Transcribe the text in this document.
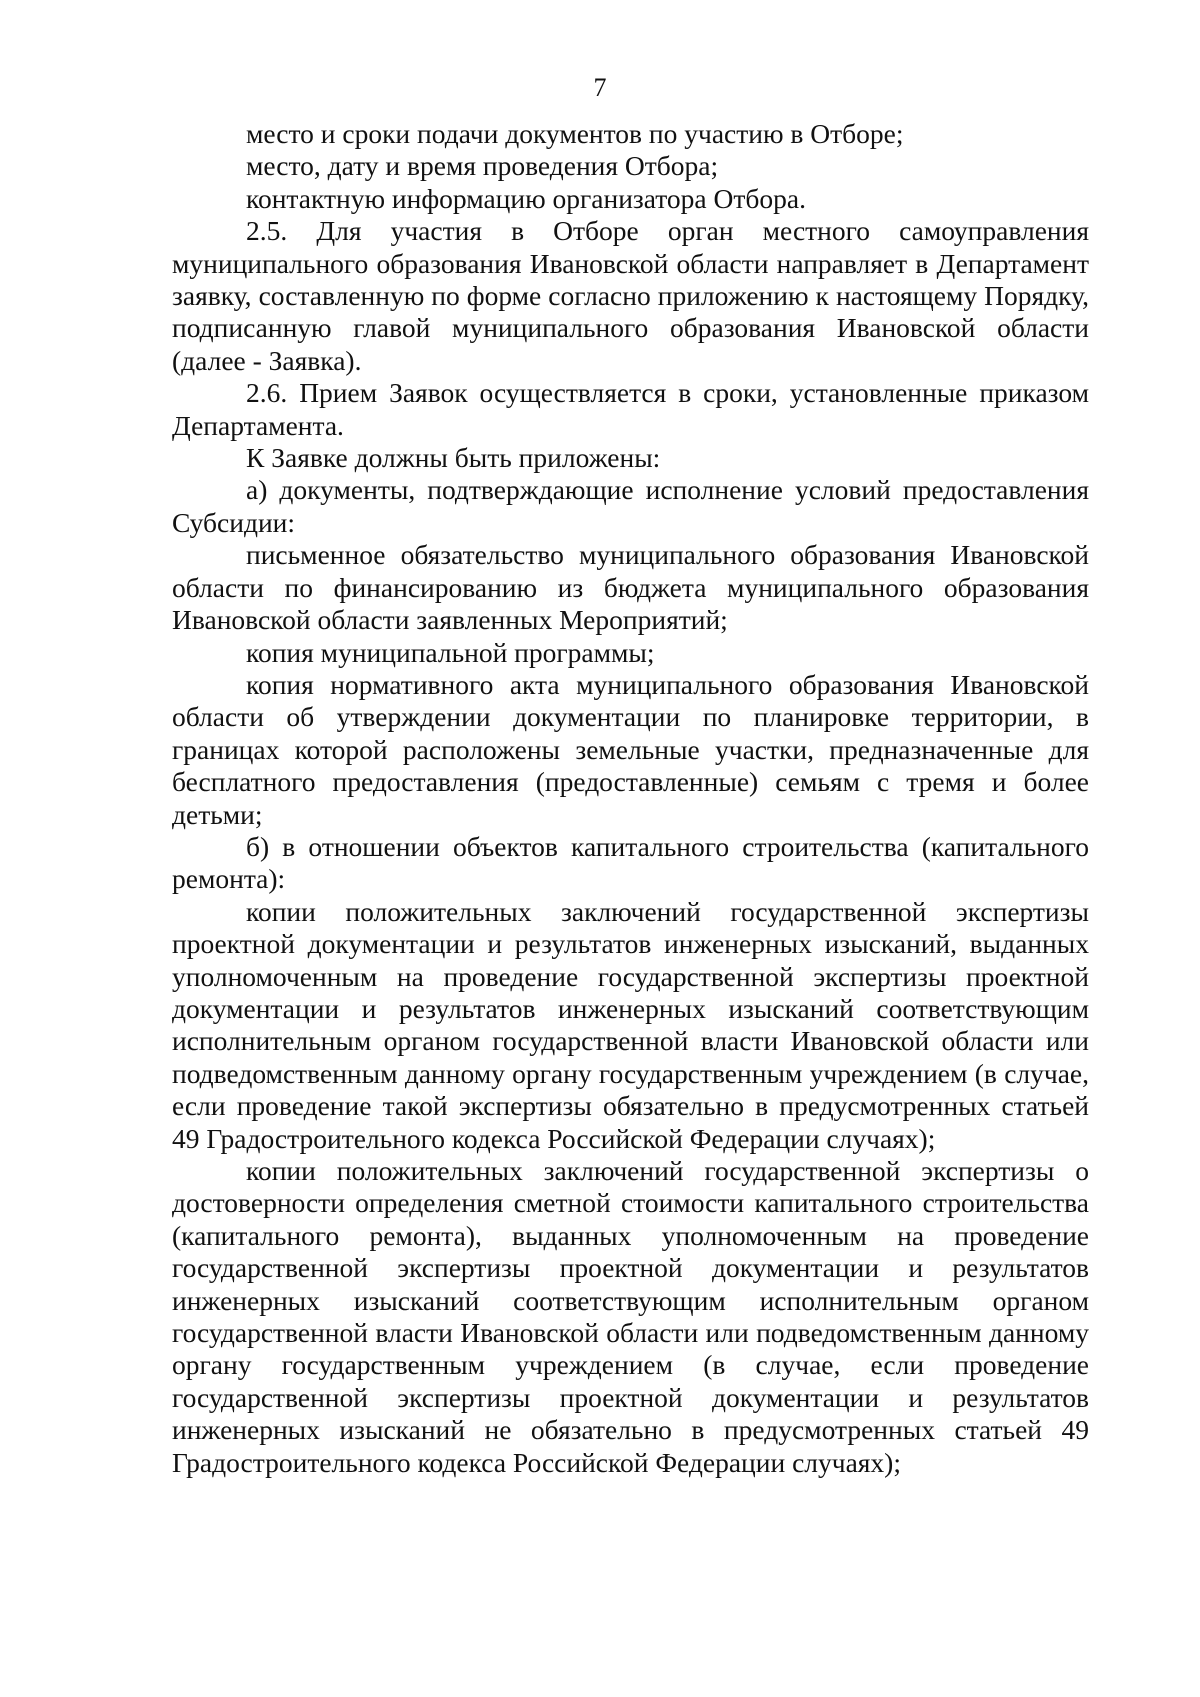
7

место и сроки подачи документов по участию в Отборе;

место, дату и время проведения Отбора;

контактную информацию организатора Отбора.

2.5. Для участия в Отборе орган местного самоуправления муниципального образования Ивановской области направляет в Департамент заявку, составленную по форме согласно приложению к настоящему Порядку, подписанную главой муниципального образования Ивановской области (далее - Заявка).

2.6. Прием Заявок осуществляется в сроки, установленные приказом Департамента.

К Заявке должны быть приложены:

а) документы, подтверждающие исполнение условий предоставления Субсидии:

письменное обязательство муниципального образования Ивановской области по финансированию из бюджета муниципального образования Ивановской области заявленных Мероприятий;

копия муниципальной программы;

копия нормативного акта муниципального образования Ивановской области об утверждении документации по планировке территории, в границах которой расположены земельные участки, предназначенные для бесплатного предоставления (предоставленные) семьям с тремя и более детьми;

б) в отношении объектов капитального строительства (капитального ремонта):

копии положительных заключений государственной экспертизы проектной документации и результатов инженерных изысканий, выданных уполномоченным на проведение государственной экспертизы проектной документации и результатов инженерных изысканий соответствующим исполнительным органом государственной власти Ивановской области или подведомственным данному органу государственным учреждением (в случае, если проведение такой экспертизы обязательно в предусмотренных статьей 49 Градостроительного кодекса Российской Федерации случаях);

копии положительных заключений государственной экспертизы о достоверности определения сметной стоимости капитального строительства (капитального ремонта), выданных уполномоченным на проведение государственной экспертизы проектной документации и результатов инженерных изысканий соответствующим исполнительным органом государственной власти Ивановской области или подведомственным данному органу государственным учреждением (в случае, если проведение государственной экспертизы проектной документации и результатов инженерных изысканий не обязательно в предусмотренных статьей 49 Градостроительного кодекса Российской Федерации случаях);
